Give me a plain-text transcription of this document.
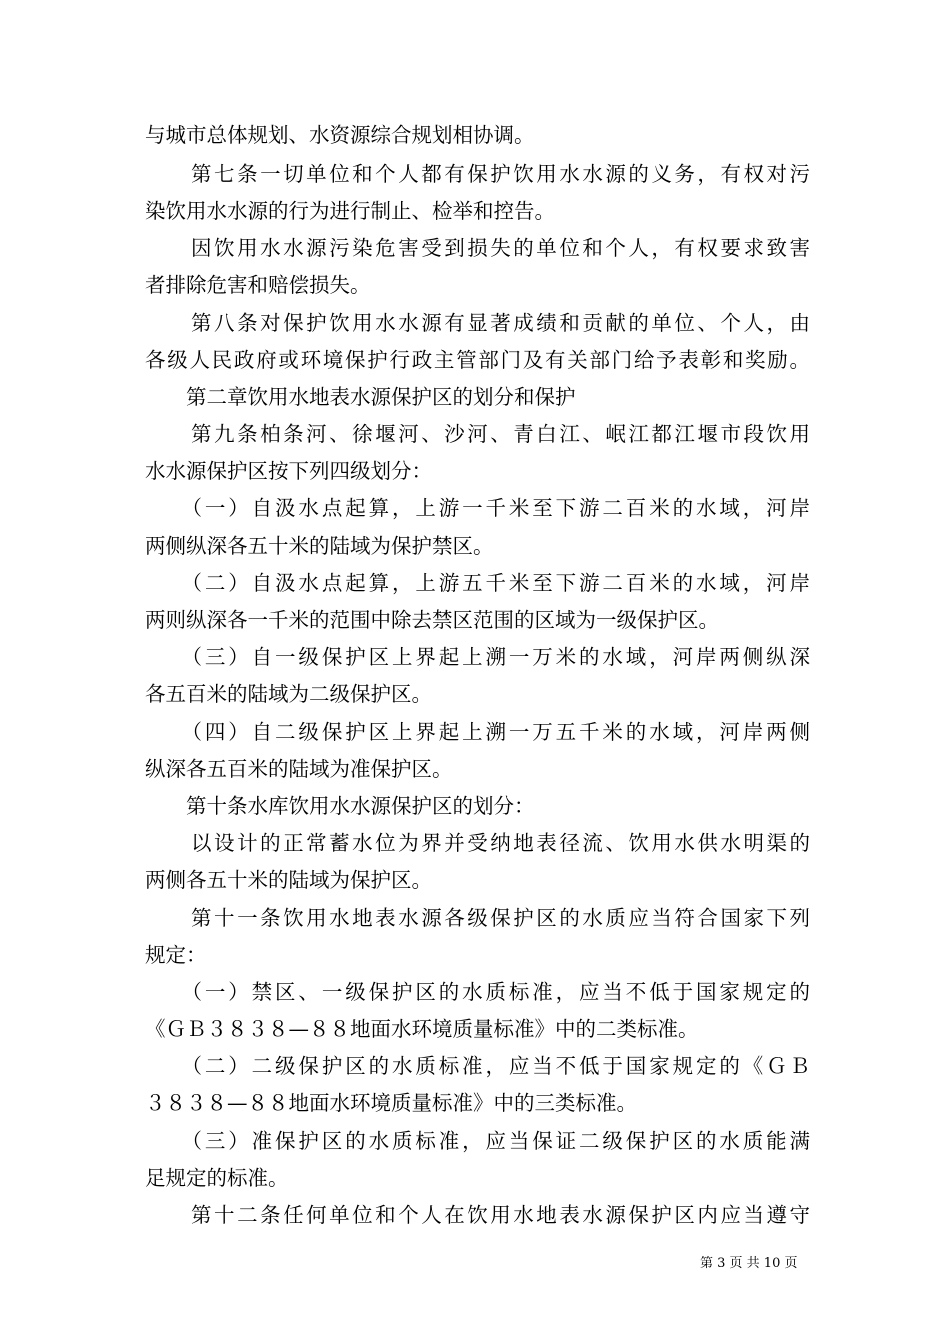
与城市总体规划、水资源综合规划相协调。
　　第七条一切单位和个人都有保护饮用水水源的义务，有权对污
染饮用水水源的行为进行制止、检举和控告。
　　因饮用水水源污染危害受到损失的单位和个人，有权要求致害
者排除危害和赔偿损失。
　　第八条对保护饮用水水源有显著成绩和贡献的单位、个人，由
各级人民政府或环境保护行政主管部门及有关部门给予表彰和奖励。
　　第二章饮用水地表水源保护区的划分和保护
　　第九条柏条河、徐堰河、沙河、青白江、岷江都江堰市段饮用
水水源保护区按下列四级划分：
　　（一）自汲水点起算，上游一千米至下游二百米的水域，河岸
两侧纵深各五十米的陆域为保护禁区。
　　（二）自汲水点起算，上游五千米至下游二百米的水域，河岸
两则纵深各一千米的范围中除去禁区范围的区域为一级保护区。
　　（三）自一级保护区上界起上溯一万米的水域，河岸两侧纵深
各五百米的陆域为二级保护区。
　　（四）自二级保护区上界起上溯一万五千米的水域，河岸两侧
纵深各五百米的陆域为准保护区。
　　第十条水库饮用水水源保护区的划分：
　　以设计的正常蓄水位为界并受纳地表径流、饮用水供水明渠的
两侧各五十米的陆域为保护区。
　　第十一条饮用水地表水源各级保护区的水质应当符合国家下列
规定：
　　（一）禁区、一级保护区的水质标准，应当不低于国家规定的
《ＧＢ３８３８—８８地面水环境质量标准》中的二类标准。
　　（二）二级保护区的水质标准，应当不低于国家规定的《ＧＢ
３８３８—８８地面水环境质量标准》中的三类标准。
　　（三）准保护区的水质标准，应当保证二级保护区的水质能满
足规定的标准。
　　第十二条任何单位和个人在饮用水地表水源保护区内应当遵守
第 3 页 共 10 页
